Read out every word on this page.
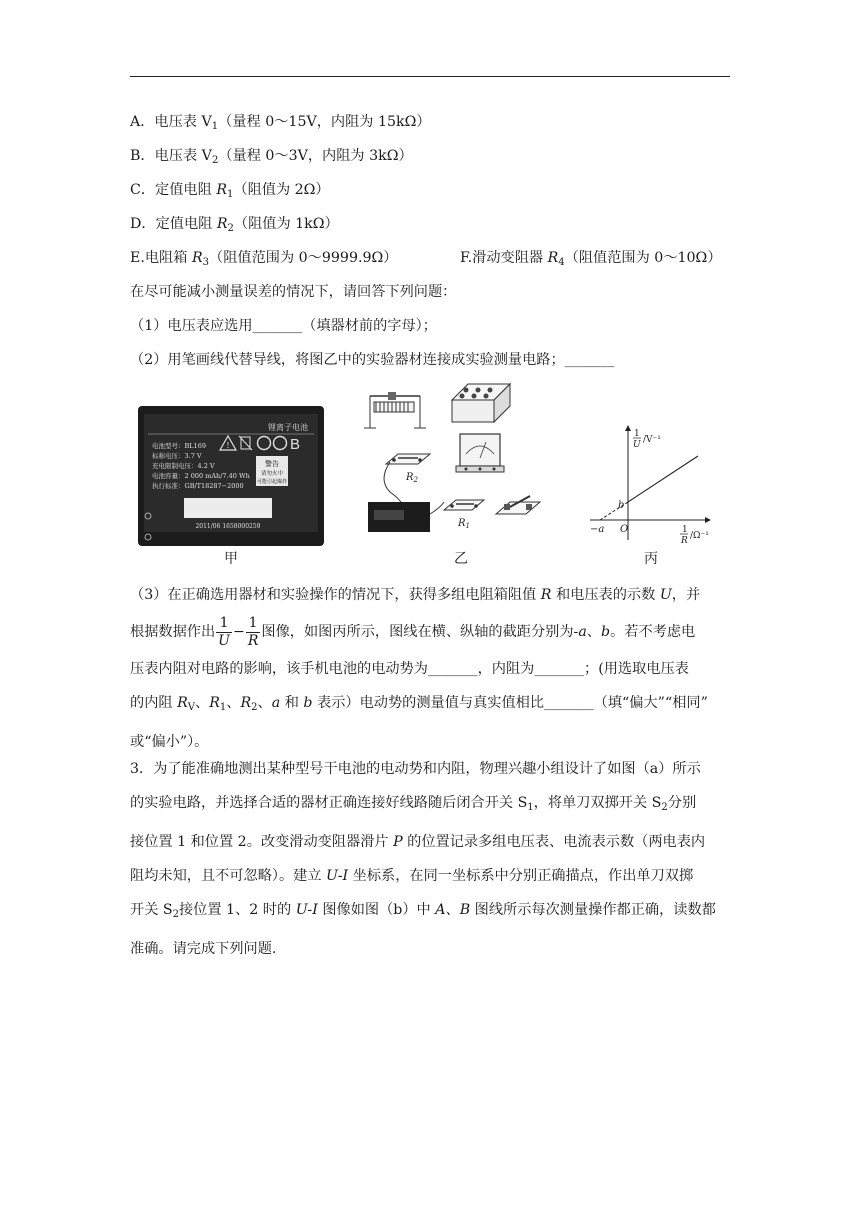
A．电压表 $V_1$（量程 0～15V，内阻为 15kΩ）
B．电压表 $V_2$（量程 0～3V，内阻为 3kΩ）
C．定值电阻 $R_1$（阻值为 2Ω）
D．定值电阻 $R_2$（阻值为 1kΩ）
E.电阻箱 $R_3$（阻值范围为 0～9999.9Ω）	F.滑动变阻器 $R_4$（阻值范围为 0～10Ω）
在尽可能减小测量误差的情况下，请回答下列问题：
（1）电压表应选用_______（填器材前的字母）；
（2）用笔画线代替导线，将图乙中的实验器材连接成实验测量电路；_______
锂离子电池
电池型号：BL169
标称电压：3.7 V
充电限制电压：4.2 V
电池容量：2 000 mAh/7.40 Wh
执行标准：GB/T18287−2000
!	B
警告
请勿火中
可能引起爆炸
2011/06 1658000259
甲
$R_2$
$R_1$
乙
1
U /V⁻¹
1
R /Ω⁻¹
O
b
−a
丙
（3）在正确选用器材和实验操作的情况下，获得多组电阻箱阻值 R 和电压表的示数 U，并
根据数据作出 $\frac{1}{U} - \frac{1}{R}$ 图像，如图丙所示，图线在横、纵轴的截距分别为-a、b。若不考虑电
压表内阻对电路的影响，该手机电池的电动势为_______，内阻为_______；(用选取电压表
的内阻 $R_V$、$R_1$、$R_2$、a 和 b 表示）电动势的测量值与真实值相比_______（填“偏大”“相同”
或“偏小”）。
3．为了能准确地测出某种型号干电池的电动势和内阻，物理兴趣小组设计了如图（a）所示
的实验电路，并选择合适的器材正确连接好线路随后闭合开关 $S_1$，将单刀双掷开关 $S_2$分别
接位置 1 和位置 2。改变滑动变阻器滑片 P 的位置记录多组电压表、电流表示数（两电表内
阻均未知，且不可忽略）。建立 U-I 坐标系，在同一坐标系中分别正确描点，作出单刀双掷
开关 $S_2$接位置 1、2 时的 U-I 图像如图（b）中 A、B 图线所示每次测量操作都正确，读数都
准确。请完成下列问题.
